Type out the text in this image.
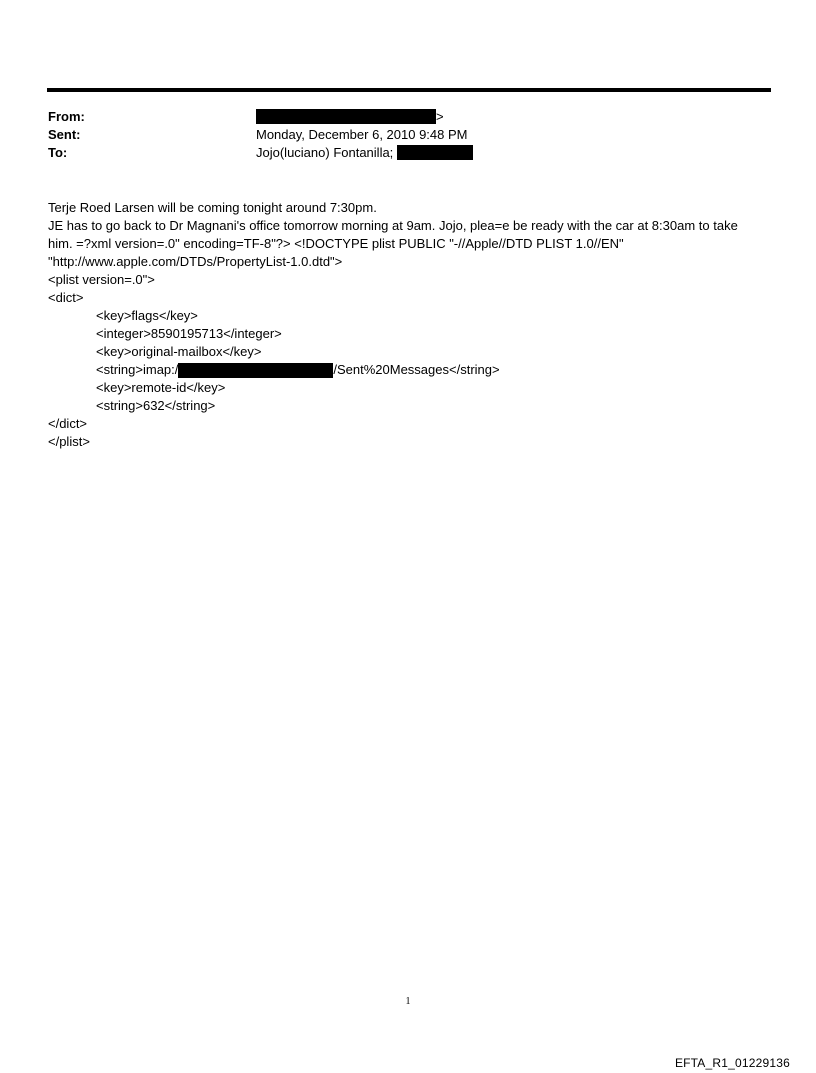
From:	>
Sent:	Monday, December 6, 2010 9:48 PM
To:	Jojo(luciano) Fontanilla;
Terje Roed Larsen will be coming tonight around 7:30pm.
JE has to go back to Dr Magnani's office tomorrow morning at 9am. Jojo, plea=e be ready with the car at 8:30am to take
him. =?xml version=.0" encoding=TF-8"?> <!DOCTYPE plist PUBLIC "-//Apple//DTD PLIST 1.0//EN"
"http://www.apple.com/DTDs/PropertyList-1.0.dtd">
<plist version=.0">
<dict>
<key>flags</key>
<integer>8590195713</integer>
<key>original-mailbox</key>
<string>imap:/	/Sent%20Messages</string>
<key>remote-id</key>
<string>632</string>
</dict>
</plist>
1
EFTA_R1_01229136
